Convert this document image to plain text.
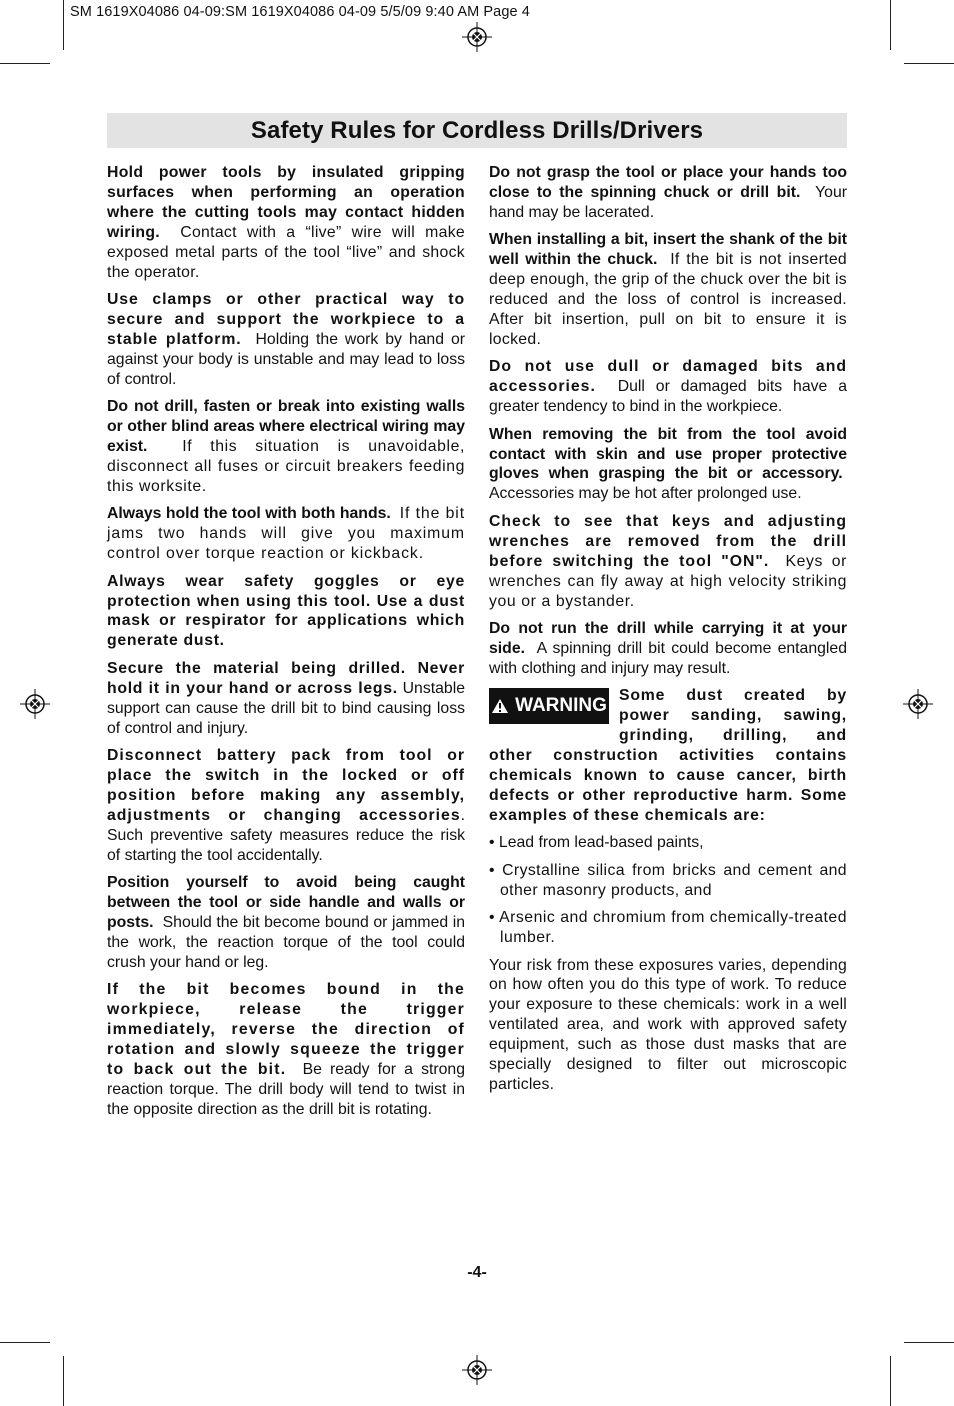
SM 1619X04086 04-09:SM 1619X04086 04-09 5/5/09 9:40 AM Page 4
Safety Rules for Cordless Drills/Drivers

Hold power tools by insulated gripping surfaces when performing an operation where the cutting tools may contact hidden wiring. Contact with a “live” wire will make exposed metal parts of the tool “live” and shock the operator.

Use clamps or other practical way to secure and support the workpiece to a stable platform. Holding the work by hand or against your body is unstable and may lead to loss of control.

Do not drill, fasten or break into existing walls or other blind areas where electrical wiring may exist. If this situation is unavoidable, disconnect all fuses or circuit breakers feeding this worksite.

Always hold the tool with both hands. If the bit jams two hands will give you maximum control over torque reaction or kickback.

Always wear safety goggles or eye protection when using this tool. Use a dust mask or respirator for applications which generate dust.

Secure the material being drilled. Never hold it in your hand or across legs. Unstable support can cause the drill bit to bind causing loss of control and injury.

Disconnect battery pack from tool or place the switch in the locked or off position before making any assembly, adjustments or changing accessories. Such preventive safety measures reduce the risk of starting the tool accidentally.

Position yourself to avoid being caught between the tool or side handle and walls or posts. Should the bit become bound or jammed in the work, the reaction torque of the tool could crush your hand or leg.

If the bit becomes bound in the workpiece, release the trigger immediately, reverse the direction of rotation and slowly squeeze the trigger to back out the bit. Be ready for a strong reaction torque. The drill body will tend to twist in the opposite direction as the drill bit is rotating.

Do not grasp the tool or place your hands too close to the spinning chuck or drill bit. Your hand may be lacerated.

When installing a bit, insert the shank of the bit well within the chuck. If the bit is not inserted deep enough, the grip of the chuck over the bit is reduced and the loss of control is increased. After bit insertion, pull on bit to ensure it is locked.

Do not use dull or damaged bits and accessories. Dull or damaged bits have a greater tendency to bind in the workpiece.

When removing the bit from the tool avoid contact with skin and use proper protective gloves when grasping the bit or accessory.  Accessories may be hot after prolonged use.

Check to see that keys and adjusting wrenches are removed from the drill before switching the tool "ON". Keys or wrenches can fly away at high velocity striking you or a bystander.

Do not run the drill while carrying it at your side. A spinning drill bit could become entangled with clothing and injury may result.

WARNING Some dust created by power sanding, sawing, grinding, drilling, and other construction activities contains chemicals known to cause cancer, birth defects or other reproductive harm. Some examples of these chemicals are:

• Lead from lead-based paints,

• Crystalline silica from bricks and cement and other masonry products, and

• Arsenic and chromium from chemically-treated lumber.

Your risk from these exposures varies, depending on how often you do this type of work. To reduce your exposure to these chemicals: work in a well ventilated area, and work with approved safety equipment, such as those dust masks that are specially designed to filter out microscopic particles.

-4-
